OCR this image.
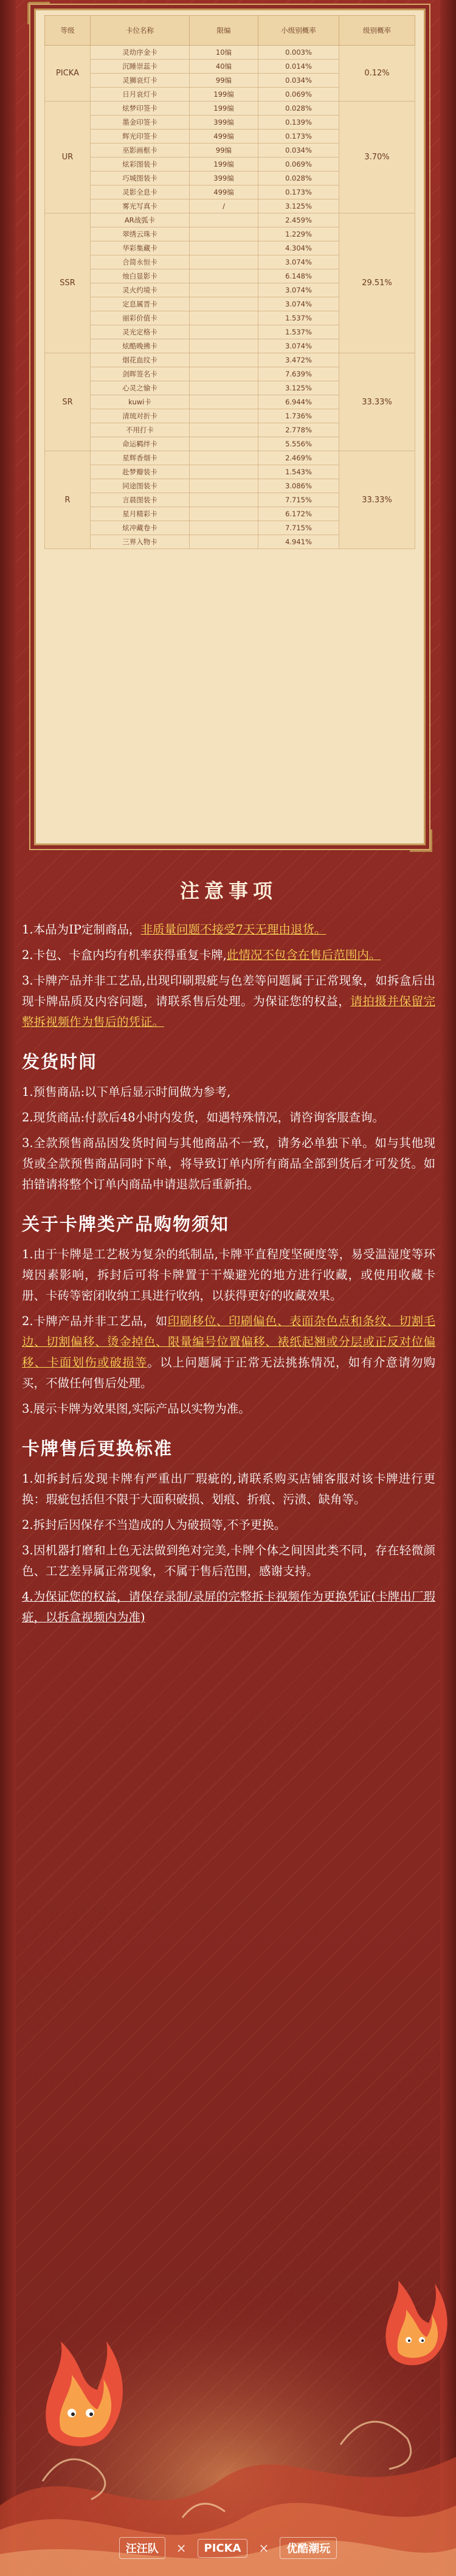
等级	卡位名称	限编	小级别概率	级别概率
PICKA	灵幼序金卡	10编	0.003%	0.12%
	沉睡崇蕊卡	40编	0.014%	
	灵狮哀灯卡	99编	0.034%	
	日月哀灯卡	199编	0.069%	
UR	炫梦印签卡	199编	0.028%	3.70%
	墨金印签卡	399编	0.139%	
	辉光印签卡	499编	0.173%	
	巫影画框卡	99编	0.034%	
	炫彩图装卡	199编	0.069%	
	巧城图装卡	399编	0.028%	
	灵影全息卡	499编	0.173%	
	雾光写真卡	/	3.125%	
SSR	AR战弧卡		2.459%	29.51%
	翠绣云珠卡		1.229%	
	华彩集藏卡		4.304%	
	合简永恒卡		3.074%	
	烛白显影卡		6.148%	
	灵火约境卡		3.074%	
	定息属晋卡		3.074%	
	丽彩价值卡		1.537%	
	灵光定格卡		1.537%	
	炫酷晚拂卡		3.074%	
SR	烟花血纹卡		3.472%	33.33%
	剑晖签名卡		7.639%	
	心灵之愉卡		3.125%	
	kuwi卡		6.944%	
	清琉对折卡		1.736%	
	不用打卡		2.778%	
	命运羁绊卡		5.556%	
R	星辉香烟卡		2.469%	33.33%
	赴梦瓣装卡		1.543%	
	同途图装卡		3.086%	
	言晨图装卡		7.715%	
	星月精彩卡		6.172%	
	炫冲藏卷卡		7.715%	
	三界入物卡		4.941%	
注意事项

1.本品为IP定制商品，非质量问题不接受7天无理由退货。

2.卡包、卡盒内均有机率获得重复卡牌,此情况不包含在售后范围内。

3.卡牌产品并非工艺品,出现印刷瑕疵与色差等问题属于正常现象，如拆盒后出现卡牌品质及内容问题，请联系售后处理。为保证您的权益，请拍摄并保留完整拆视频作为售后的凭证。

发货时间

1.预售商品:以下单后显示时间做为参考,

2.现货商品:付款后48小时内发货，如遇特殊情况，请咨询客服查询。

3.全款预售商品因发货时间与其他商品不一致，请务必单独下单。如与其他现货或全款预售商品同时下单，将导致订单内所有商品全部到货后才可发货。如拍错请将整个订单内商品申请退款后重新拍。

关于卡牌类产品购物须知

1.由于卡牌是工艺极为复杂的纸制品,卡牌平直程度坚硬度等，易受温湿度等环境因素影响，拆封后可将卡牌置于干燥避光的地方进行收藏，或使用收藏卡册、卡砖等密闭收纳工具进行收纳，以获得更好的收藏效果。

2.卡牌产品并非工艺品，如印刷移位、印刷偏色、表面杂色点和条纹、切割毛边、切割偏移、烫金掉色、限量编号位置偏移、裱纸起翘或分层或正反对位偏移、卡面划伤或破损等。以上问题属于正常无法挑拣情况，如有介意请勿购买，不做任何售后处理。

3.展示卡牌为效果图,实际产品以实物为准。

卡牌售后更换标准

1.如拆封后发现卡牌有严重出厂瑕疵的,请联系购买店铺客服对该卡牌进行更换：瑕疵包括但不限于大面积破损、划痕、折痕、污渍、缺角等。

2.拆封后因保存不当造成的人为破损等,不予更换。

3.因机器打磨和上色无法做到绝对完美,卡牌个体之间因此类不同，存在轻微颜色、工艺差异属正常现象，不属于售后范围，感谢支持。

4.为保证您的权益，请保存录制/录屏的完整拆卡视频作为更换凭证(卡牌出厂瑕疵，以拆盒视频内为准)

汪汪队	×	PICKA	×	优酷潮玩
